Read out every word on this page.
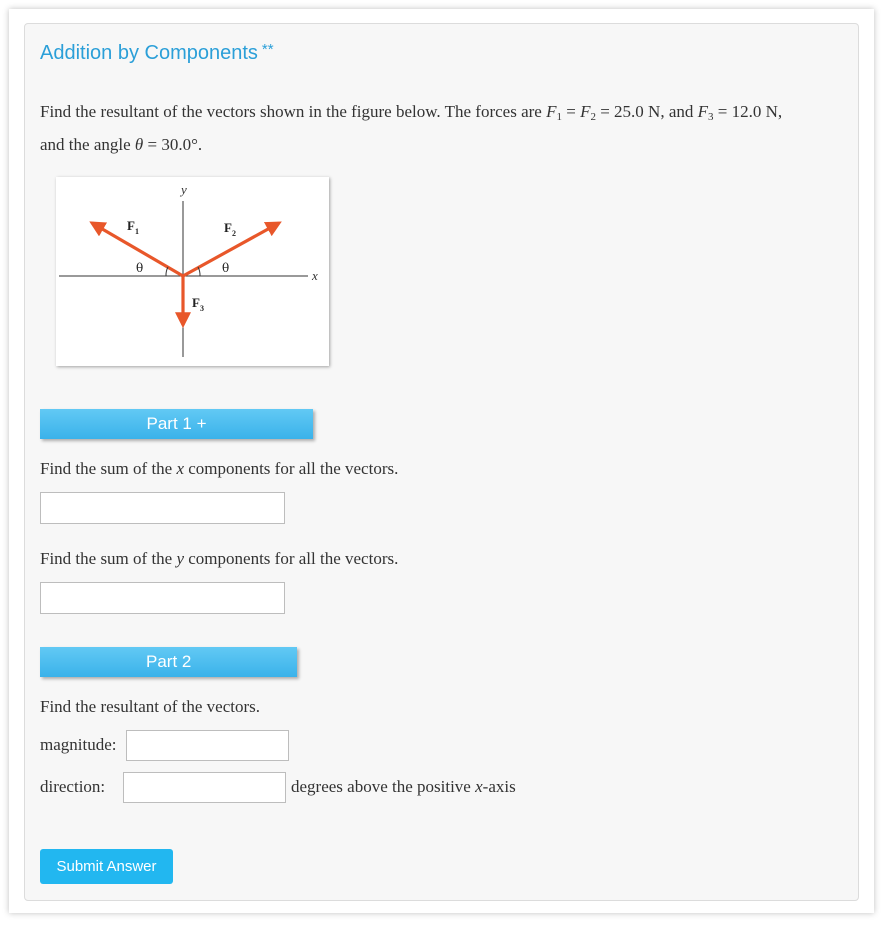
Addition by Components **
Find the resultant of the vectors shown in the figure below. The forces are $F_1 = F_2 = 25.0$ N, and $F_3 = 12.0$ N,
and the angle θ = 30.0°.
y
x
$F_1$	$F_2$
$F_3$
θ	θ
Part 1 +
Find the sum of the x components for all the vectors.
Find the sum of the y components for all the vectors.
Part 2
Find the resultant of the vectors.
magnitude:
direction:	degrees above the positive x-axis
Submit Answer
